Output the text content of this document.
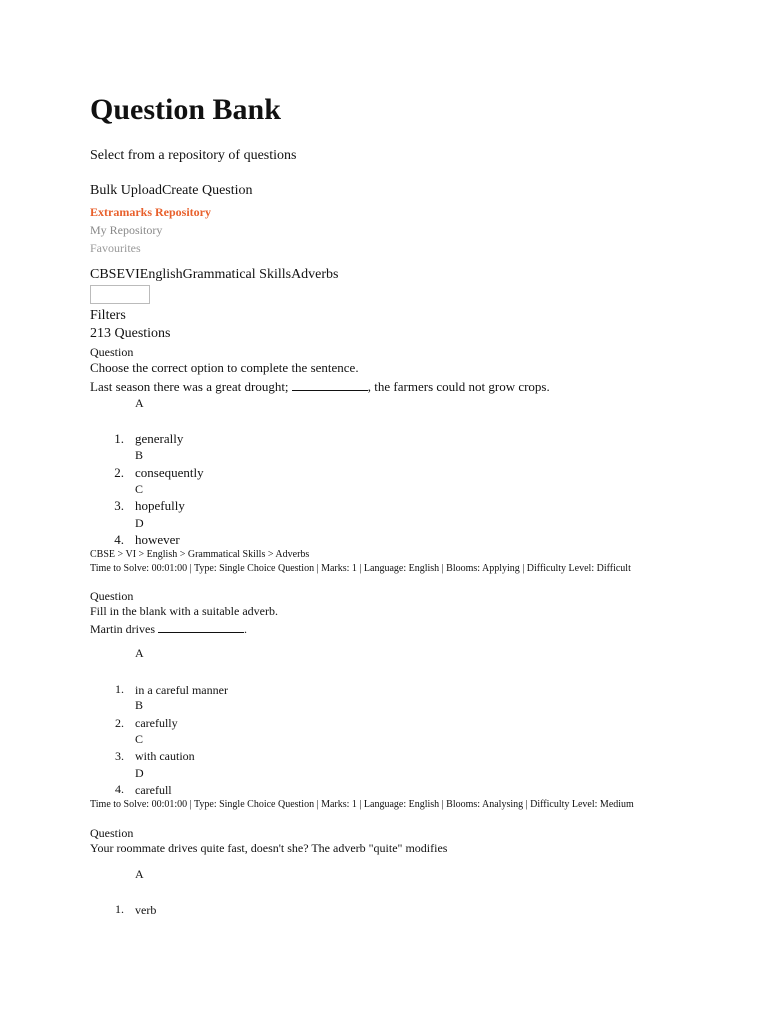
Question Bank
Select from a repository of questions
Bulk UploadCreate Question
Extramarks Repository
My Repository
Favourites
CBSEVIEnglishGrammatical SkillsAdverbs
Filters
213 Questions
Question
Choose the correct option to complete the sentence.
Last season there was a great drought;	, the farmers could not grow crops.
A
1. generally
B
2. consequently
C
3. hopefully
D
4. however
CBSE > VI > English > Grammatical Skills > Adverbs
Time to Solve: 00:01:00 | Type: Single Choice Question | Marks: 1 | Language: English | Blooms: Applying | Difficulty Level: Difficult
Question
Fill in the blank with a suitable adverb.
Martin drives	.
A
1. in a careful manner
B
2. carefully
C
3. with caution
D
4. carefull
Time to Solve: 00:01:00 | Type: Single Choice Question | Marks: 1 | Language: English | Blooms: Analysing | Difficulty Level: Medium
Question
Your roommate drives quite fast, doesn't she? The adverb "quite" modifies
A
1. verb
